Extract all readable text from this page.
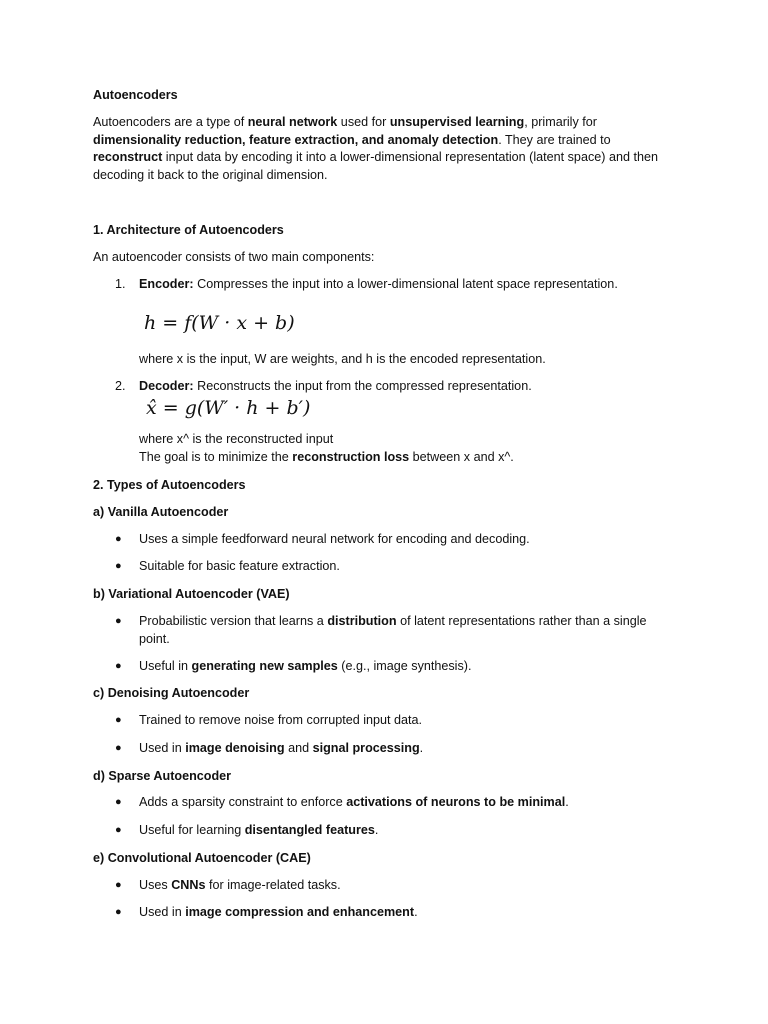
Autoencoders

Autoencoders are a type of neural network used for unsupervised learning, primarily for dimensionality reduction, feature extraction, and anomaly detection. They are trained to reconstruct input data by encoding it into a lower-dimensional representation (latent space) and then decoding it back to the original dimension.

1. Architecture of Autoencoders

An autoencoder consists of two main components:

1. Encoder: Compresses the input into a lower-dimensional latent space representation.

h = f(W · x + b)

where x is the input, W are weights, and h is the encoded representation.

2. Decoder: Reconstructs the input from the compressed representation.

x̂ = g(W′ · h + b′)

where x^ is the reconstructed input

The goal is to minimize the reconstruction loss between x and x^.

2. Types of Autoencoders

a) Vanilla Autoencoder

● Uses a simple feedforward neural network for encoding and decoding.

● Suitable for basic feature extraction.

b) Variational Autoencoder (VAE)

● Probabilistic version that learns a distribution of latent representations rather than a single point.

● Useful in generating new samples (e.g., image synthesis).

c) Denoising Autoencoder

● Trained to remove noise from corrupted input data.

● Used in image denoising and signal processing.

d) Sparse Autoencoder

● Adds a sparsity constraint to enforce activations of neurons to be minimal.

● Useful for learning disentangled features.

e) Convolutional Autoencoder (CAE)

● Uses CNNs for image-related tasks.

● Used in image compression and enhancement.
